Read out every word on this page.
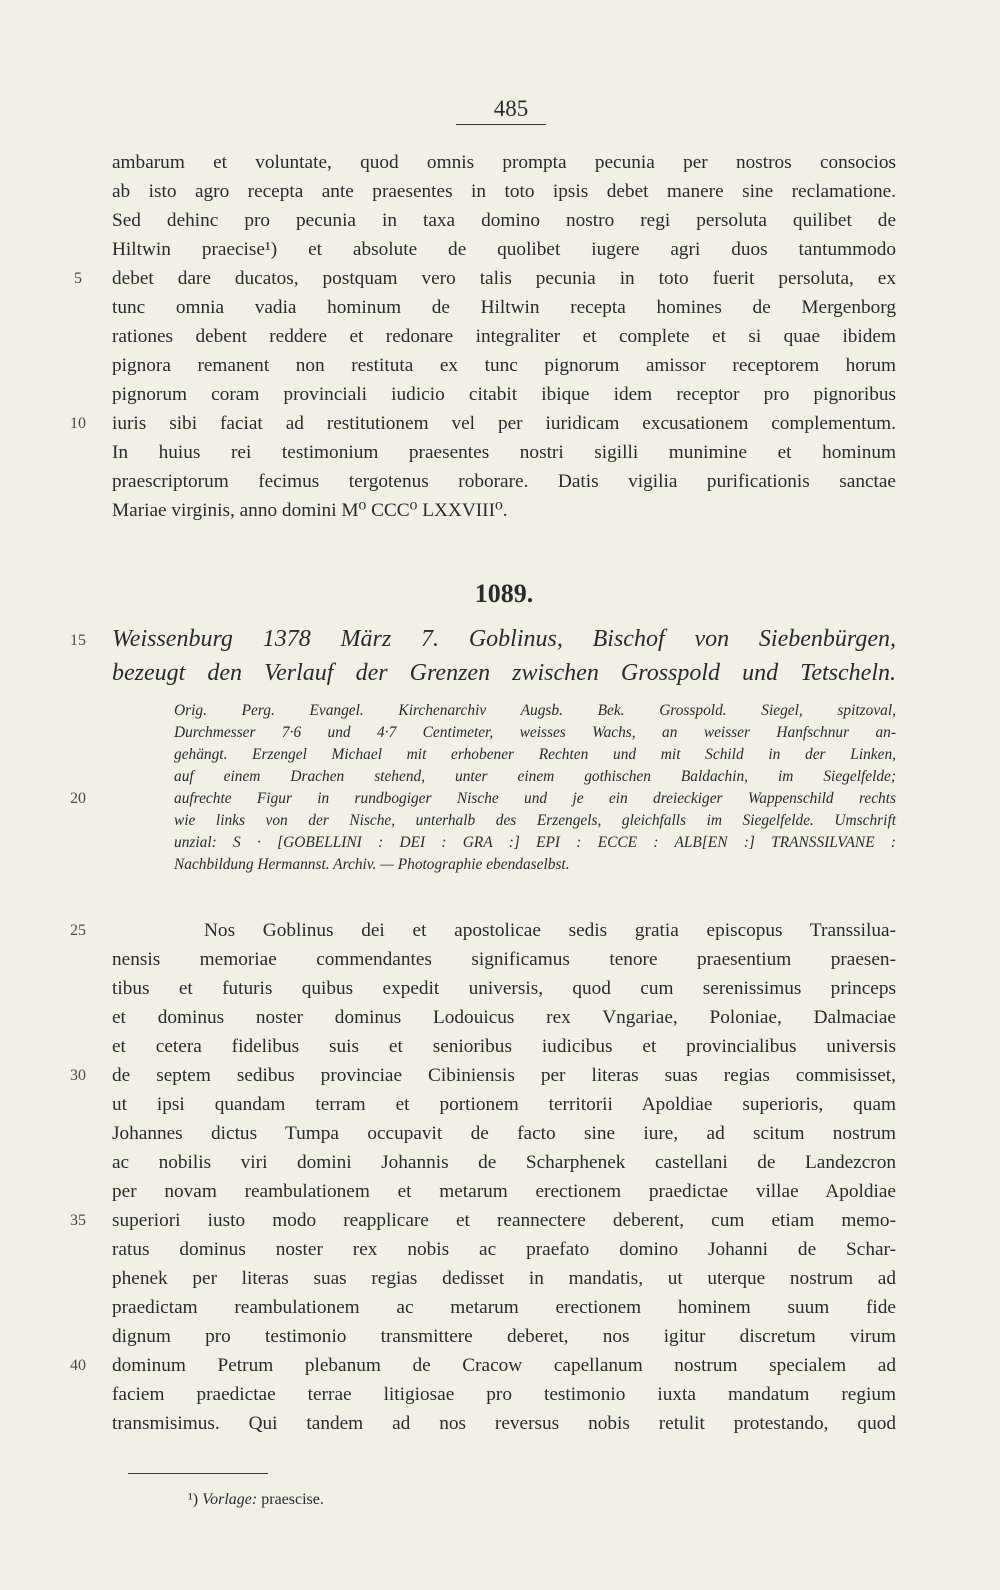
485
ambarum et voluntate, quod omnis prompta pecunia per nostros consocios
ab isto agro recepta ante praesentes in toto ipsis debet manere sine reclamatione.
Sed dehinc pro pecunia in taxa domino nostro regi persoluta quilibet de
Hiltwin praecise¹) et absolute de quolibet iugere agri duos tantummodo
debet dare ducatos, postquam vero talis pecunia in toto fuerit persoluta, ex
tunc omnia vadia hominum de Hiltwin recepta homines de Mergenborg
rationes debent reddere et redonare integraliter et complete et si quae ibidem
pignora remanent non restituta ex tunc pignorum amissor receptorem horum
pignorum coram provinciali iudicio citabit ibique idem receptor pro pignoribus
iuris sibi faciat ad restitutionem vel per iuridicam excusationem complementum.
In huius rei testimonium praesentes nostri sigilli munimine et hominum
praescriptorum fecimus tergotenus roborare. Datis vigilia purificationis sanctae
Mariae virginis, anno domini M⁰ CCC⁰ LXXVIII⁰.
1089.
Weissenburg 1378 März 7. Goblinus, Bischof von Siebenbürgen,
bezeugt den Verlauf der Grenzen zwischen Grosspold und Tetscheln.
Orig. Perg. Evangel. Kirchenarchiv Augsb. Bek. Grosspold. Siegel, spitzoval,
Durchmesser 7·6 und 4·7 Centimeter, weisses Wachs, an weisser Hanfschnur an-
gehängt. Erzengel Michael mit erhobener Rechten und mit Schild in der Linken,
auf einem Drachen stehend, unter einem gothischen Baldachin, im Siegelfelde;
aufrechte Figur in rundbogiger Nische und je ein dreieckiger Wappenschild rechts
wie links von der Nische, unterhalb des Erzengels, gleichfalls im Siegelfelde. Umschrift
unzial: S · [GOBELLINI : DEI : GRA :] EPI : ECCE : ALB[EN :] TRANSSILVANE :
Nachbildung Hermannst. Archiv. — Photographie ebendaselbst.
Nos Goblinus dei et apostolicae sedis gratia episcopus Transsilua-
nensis memoriae commendantes significamus tenore praesentium praesen-
tibus et futuris quibus expedit universis, quod cum serenissimus princeps
et dominus noster dominus Lodouicus rex Vngariae, Poloniae, Dalmaciae
et cetera fidelibus suis et senioribus iudicibus et provincialibus universis
de septem sedibus provinciae Cibiniensis per literas suas regias commisisset,
ut ipsi quandam terram et portionem territorii Apoldiae superioris, quam
Johannes dictus Tumpa occupavit de facto sine iure, ad scitum nostrum
ac nobilis viri domini Johannis de Scharphenek castellani de Landezcron
per novam reambulationem et metarum erectionem praedictae villae Apoldiae
superiori iusto modo reapplicare et reannectere deberent, cum etiam memo-
ratus dominus noster rex nobis ac praefato domino Johanni de Schar-
phenek per literas suas regias dedisset in mandatis, ut uterque nostrum ad
praedictam reambulationem ac metarum erectionem hominem suum fide
dignum pro testimonio transmittere deberet, nos igitur discretum virum
dominum Petrum plebanum de Cracow capellanum nostrum specialem ad
faciem praedictae terrae litigiosae pro testimonio iuxta mandatum regium
transmisimus. Qui tandem ad nos reversus nobis retulit protestando, quod
5
10
15
20
25
30
35
40
¹) Vorlage: praescise.
